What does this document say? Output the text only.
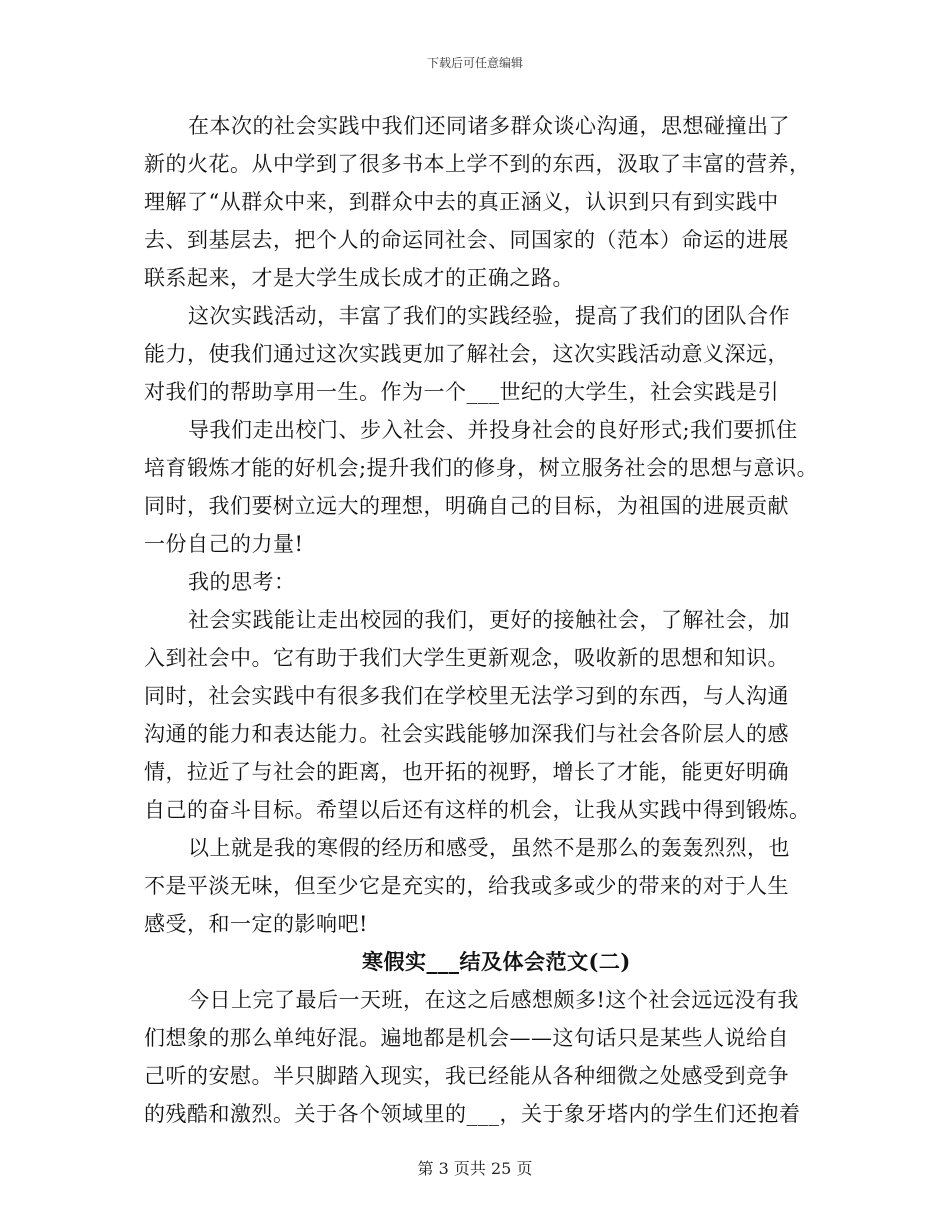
下载后可任意编辑
在本次的社会实践中我们还同诸多群众谈心沟通，思想碰撞出了
新的火花。从中学到了很多书本上学不到的东西，汲取了丰富的营养，
理解了“从群众中来，到群众中去的真正涵义，认识到只有到实践中
去、到基层去，把个人的命运同社会、同国家的（范本）命运的进展
联系起来，才是大学生成长成才的正确之路。
这次实践活动，丰富了我们的实践经验，提高了我们的团队合作
能力，使我们通过这次实践更加了解社会，这次实践活动意义深远，
对我们的帮助享用一生。作为一个___世纪的大学生，社会实践是引
导我们走出校门、步入社会、并投身社会的良好形式;我们要抓住
培育锻炼才能的好机会;提升我们的修身，树立服务社会的思想与意识。
同时，我们要树立远大的理想，明确自己的目标，为祖国的进展贡献
一份自己的力量!
我的思考：
社会实践能让走出校园的我们，更好的接触社会，了解社会，加
入到社会中。它有助于我们大学生更新观念，吸收新的思想和知识。
同时，社会实践中有很多我们在学校里无法学习到的东西，与人沟通
沟通的能力和表达能力。社会实践能够加深我们与社会各阶层人的感
情，拉近了与社会的距离，也开拓的视野，增长了才能，能更好明确
自己的奋斗目标。希望以后还有这样的机会，让我从实践中得到锻炼。
以上就是我的寒假的经历和感受，虽然不是那么的轰轰烈烈，也
不是平淡无味，但至少它是充实的，给我或多或少的带来的对于人生
感受，和一定的影响吧!
寒假实___结及体会范文(二)
今日上完了最后一天班，在这之后感想颇多!这个社会远远没有我
们想象的那么单纯好混。遍地都是机会——这句话只是某些人说给自
己听的安慰。半只脚踏入现实，我已经能从各种细微之处感受到竞争
的残酷和激烈。关于各个领域里的___，关于象牙塔内的学生们还抱着
第 3 页共 25 页
